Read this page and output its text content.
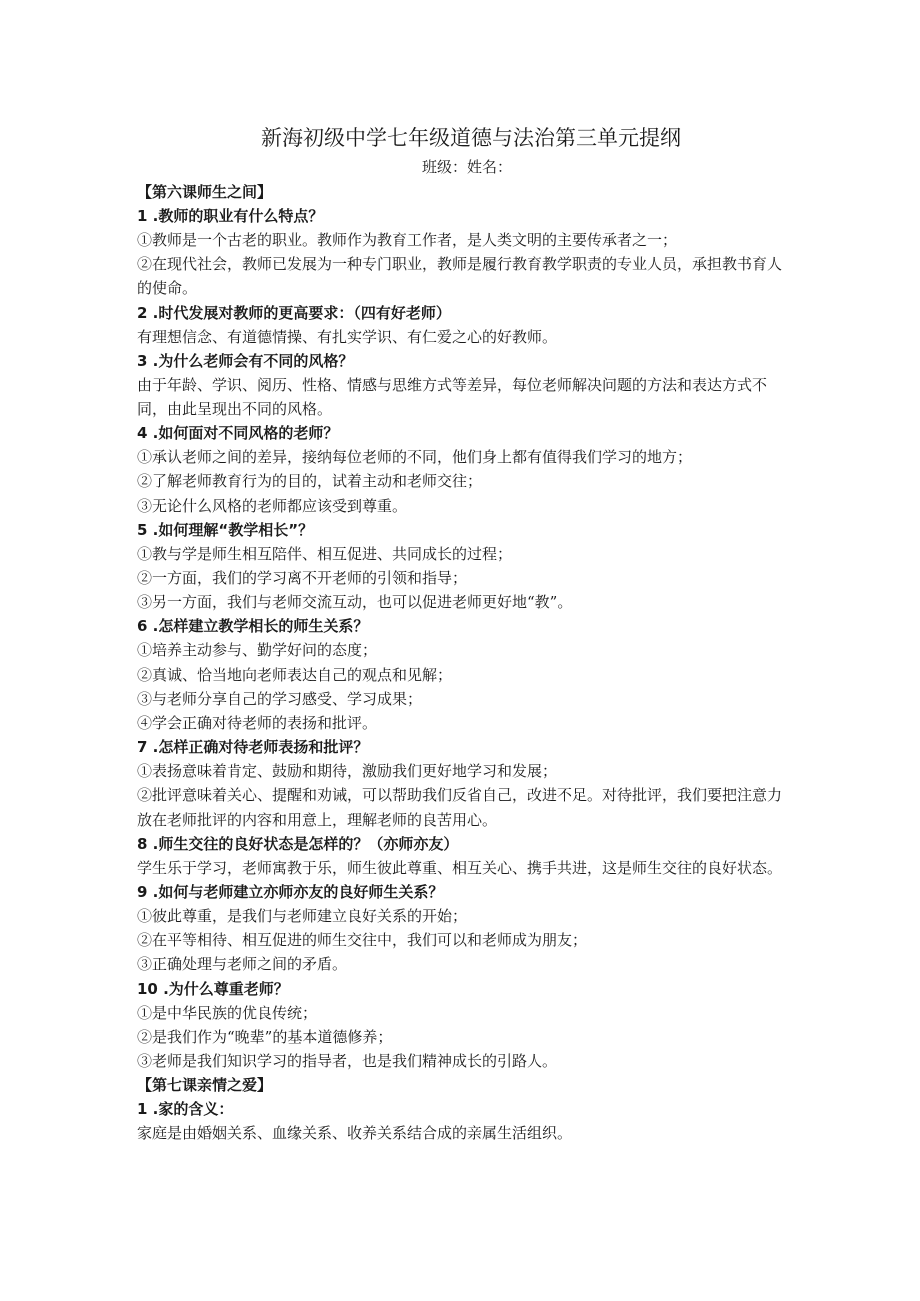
新海初级中学七年级道德与法治第三单元提纲
班级：姓名：
【第六课师生之间】
1 .教师的职业有什么特点？
①教师是一个古老的职业。教师作为教育工作者，是人类文明的主要传承者之一；
②在现代社会，教师已发展为一种专门职业，教师是履行教育教学职责的专业人员，承担教书育人的使命。
2 .时代发展对教师的更高要求：（四有好老师）
有理想信念、有道德情操、有扎实学识、有仁爱之心的好教师。
3 .为什么老师会有不同的风格？
由于年龄、学识、阅历、性格、情感与思维方式等差异，每位老师解决问题的方法和表达方式不同，由此呈现出不同的风格。
4 .如何面对不同风格的老师？
①承认老师之间的差异，接纳每位老师的不同，他们身上都有值得我们学习的地方；
②了解老师教育行为的目的，试着主动和老师交往；
③无论什么风格的老师都应该受到尊重。
5 .如何理解“教学相长”？
①教与学是师生相互陪伴、相互促进、共同成长的过程；
②一方面，我们的学习离不开老师的引领和指导；
③另一方面，我们与老师交流互动，也可以促进老师更好地“教”。
6 .怎样建立教学相长的师生关系？
①培养主动参与、勤学好问的态度；
②真诚、恰当地向老师表达自己的观点和见解；
③与老师分享自己的学习感受、学习成果；
④学会正确对待老师的表扬和批评。
7 .怎样正确对待老师表扬和批评？
①表扬意味着肯定、鼓励和期待，激励我们更好地学习和发展；
②批评意味着关心、提醒和劝诫，可以帮助我们反省自己，改进不足。对待批评，我们要把注意力放在老师批评的内容和用意上，理解老师的良苦用心。
8 .师生交往的良好状态是怎样的？（亦师亦友）
学生乐于学习，老师寓教于乐，师生彼此尊重、相互关心、携手共进，这是师生交往的良好状态。
9 .如何与老师建立亦师亦友的良好师生关系？
①彼此尊重，是我们与老师建立良好关系的开始；
②在平等相待、相互促进的师生交往中，我们可以和老师成为朋友；
③正确处理与老师之间的矛盾。
10 .为什么尊重老师？
①是中华民族的优良传统；
②是我们作为“晚辈”的基本道德修养；
③老师是我们知识学习的指导者，也是我们精神成长的引路人。
【第七课亲情之爱】
1 .家的含义：
家庭是由婚姻关系、血缘关系、收养关系结合成的亲属生活组织。
